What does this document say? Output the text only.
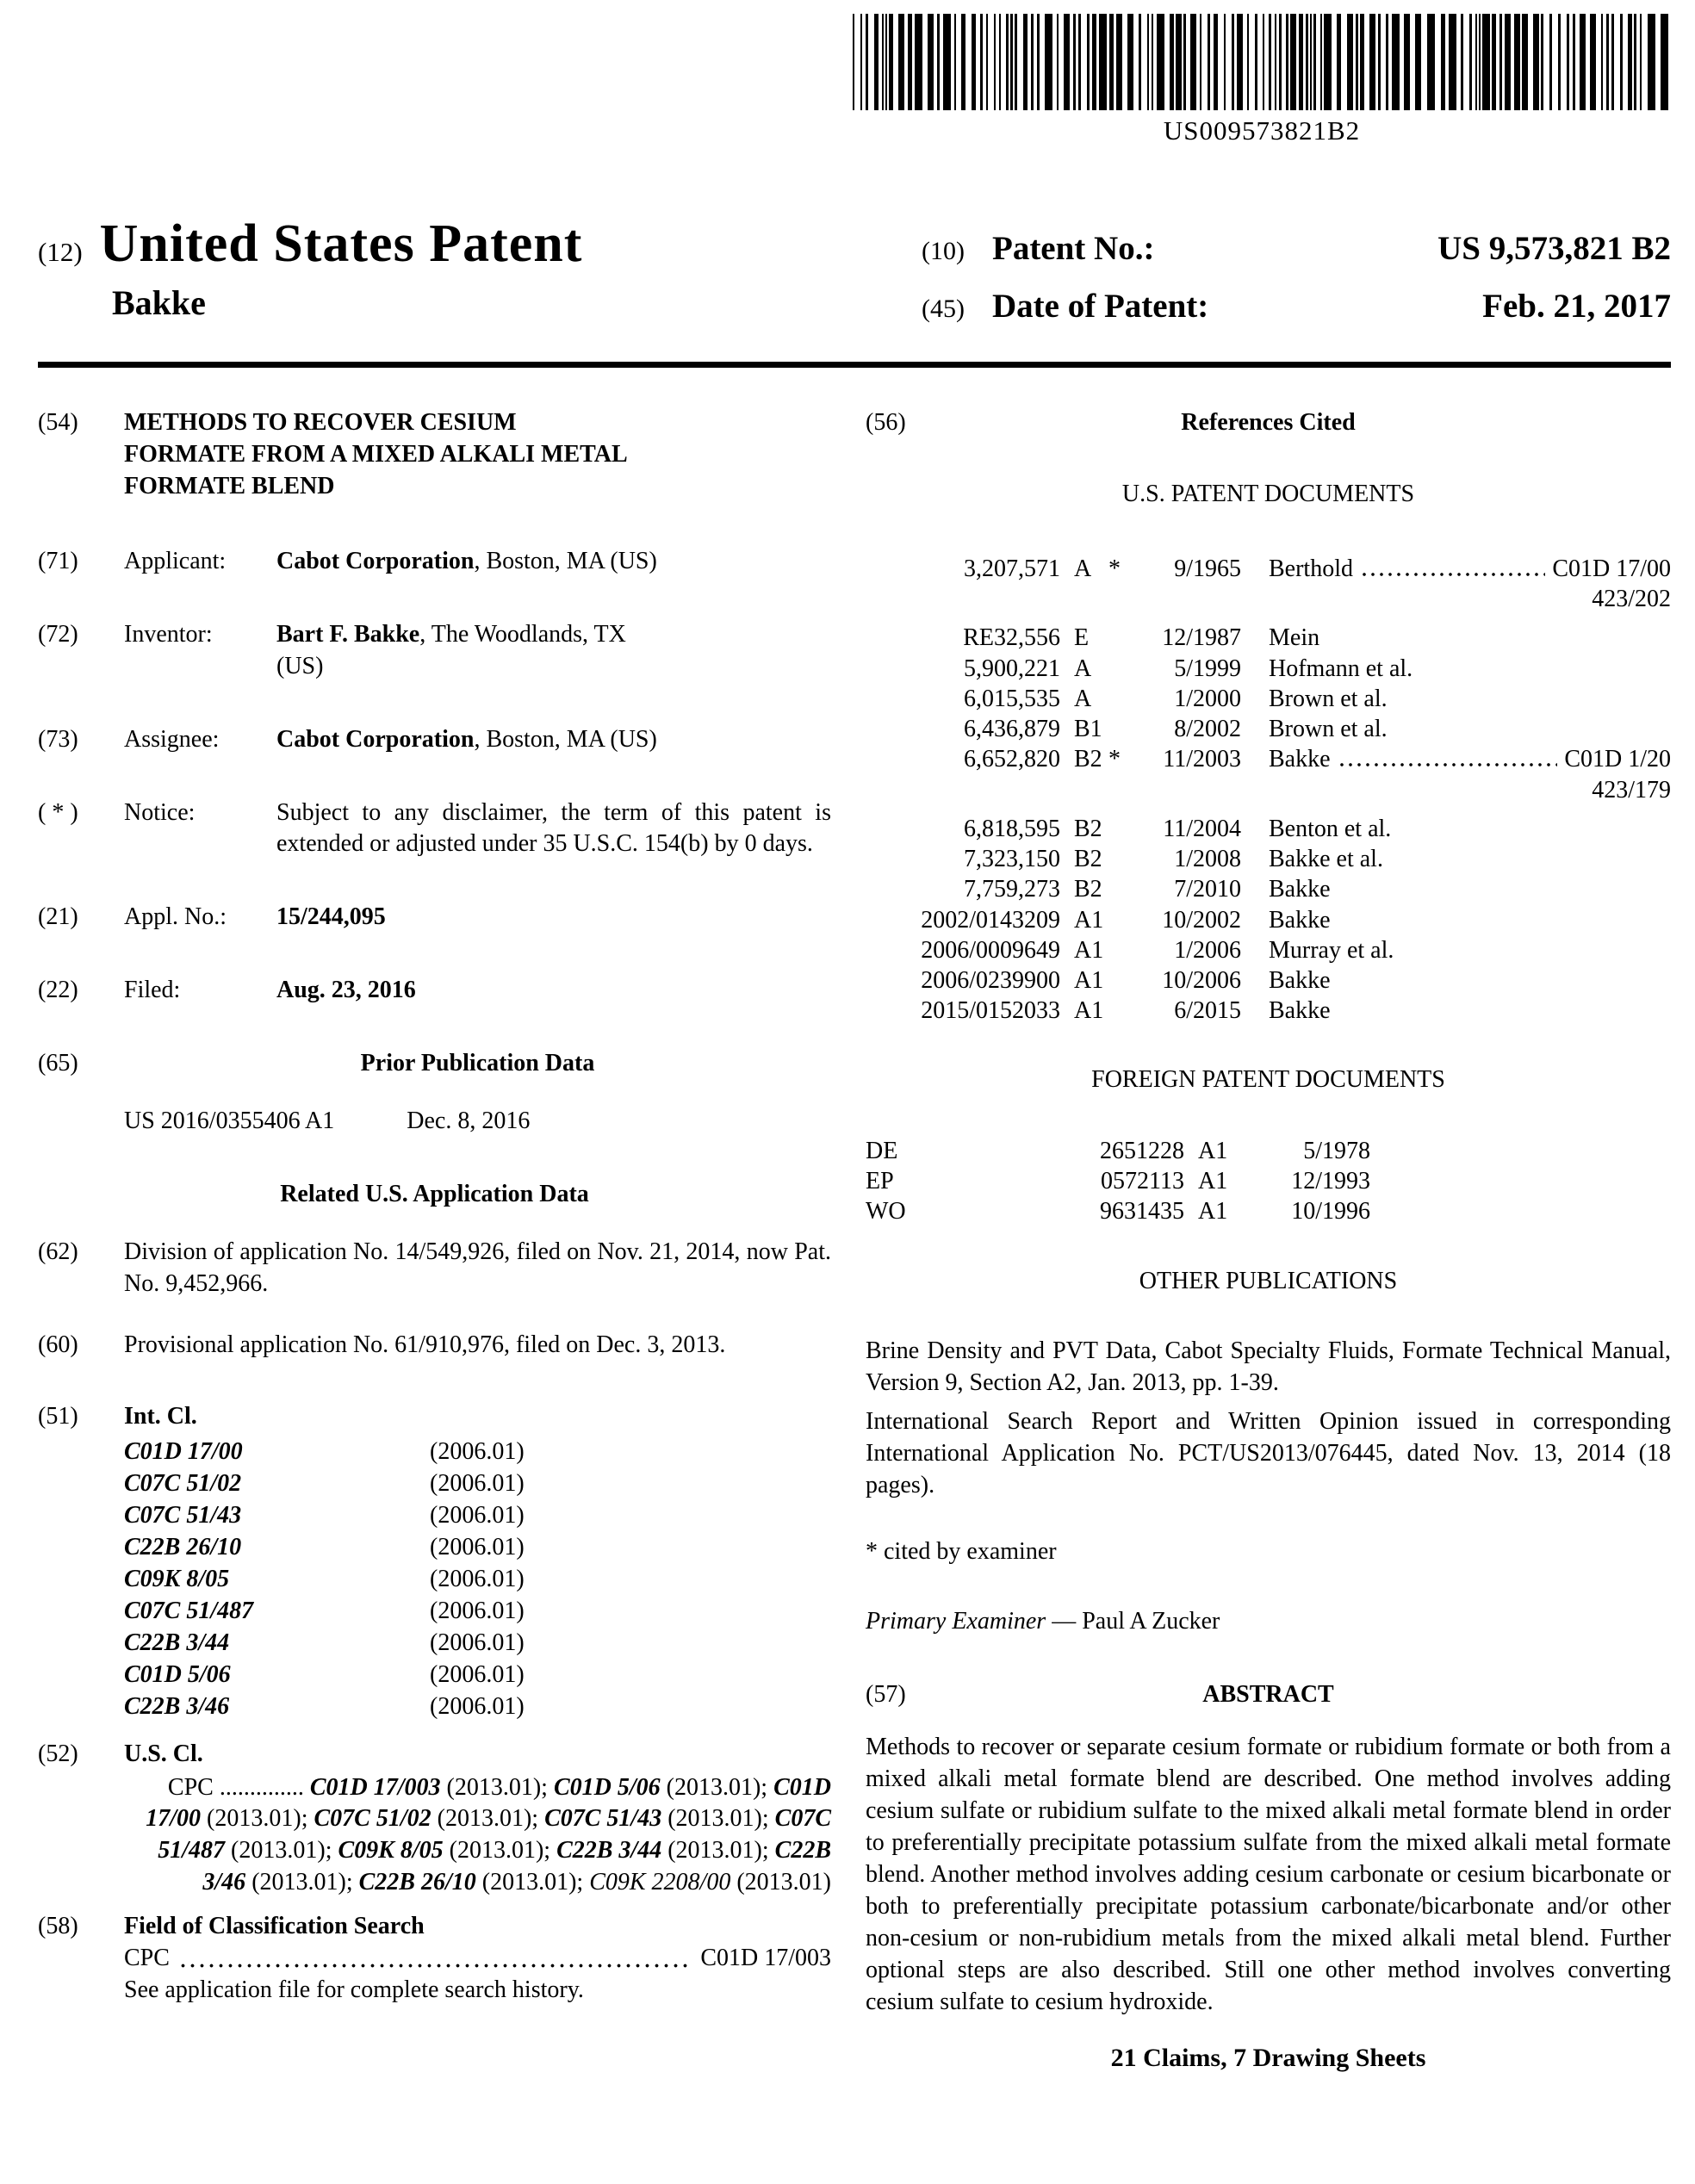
US009573821B2
(12) United States Patent
Bakke
(10) Patent No.:	US 9,573,821 B2
(45) Date of Patent:	Feb. 21, 2017
(54)	METHODS TO RECOVER CESIUM
FORMATE FROM A MIXED ALKALI METAL
FORMATE BLEND
(71)	Applicant:	Cabot Corporation, Boston, MA (US)
(72)	Inventor:	Bart F. Bakke, The Woodlands, TX
(US)
(73)	Assignee:	Cabot Corporation, Boston, MA (US)
( * )	Notice:	Subject to any disclaimer, the term of this patent is extended or adjusted under 35 U.S.C. 154(b) by 0 days.
(21)	Appl. No.:	15/244,095
(22)	Filed:	Aug. 23, 2016
(65)	Prior Publication Data
US 2016/0355406 A1	Dec. 8, 2016
Related U.S. Application Data
(62)	Division of application No. 14/549,926, filed on Nov. 21, 2014, now Pat. No. 9,452,966.
(60)	Provisional application No. 61/910,976, filed on Dec. 3, 2013.
(51)	Int. Cl.
C01D 17/00	(2006.01)
C07C 51/02	(2006.01)
C07C 51/43	(2006.01)
C22B 26/10	(2006.01)
C09K 8/05	(2006.01)
C07C 51/487	(2006.01)
C22B 3/44	(2006.01)
C01D 5/06	(2006.01)
C22B 3/46	(2006.01)
(52)	U.S. Cl.
CPC .............. C01D 17/003 (2013.01); C01D 5/06 (2013.01); C01D 17/00 (2013.01); C07C 51/02 (2013.01); C07C 51/43 (2013.01); C07C 51/487 (2013.01); C09K 8/05 (2013.01); C22B 3/44 (2013.01); C22B 3/46 (2013.01); C22B 26/10 (2013.01); C09K 2208/00 (2013.01)
(58)	Field of Classification Search
CPC	C01D 17/003
See application file for complete search history.
(56)	References Cited
U.S. PATENT DOCUMENTS
3,207,571 A *	9/1965 Berthold	C01D 17/00
423/202
RE32,556 E	12/1987 Mein
5,900,221 A	5/1999 Hofmann et al.
6,015,535 A	1/2000 Brown et al.
6,436,879 B1	8/2002 Brown et al.
6,652,820 B2 *	11/2003 Bakke	C01D 1/20
423/179
6,818,595 B2	11/2004 Benton et al.
7,323,150 B2	1/2008 Bakke et al.
7,759,273 B2	7/2010 Bakke
2002/0143209 A1	10/2002 Bakke
2006/0009649 A1	1/2006 Murray et al.
2006/0239900 A1	10/2006 Bakke
2015/0152033 A1	6/2015 Bakke
FOREIGN PATENT DOCUMENTS
DE	2651228 A1	5/1978
EP	0572113 A1	12/1993
WO	9631435 A1	10/1996
OTHER PUBLICATIONS

Brine Density and PVT Data, Cabot Specialty Fluids, Formate Technical Manual, Version 9, Section A2, Jan. 2013, pp. 1-39.

International Search Report and Written Opinion issued in corresponding International Application No. PCT/US2013/076445, dated Nov. 13, 2014 (18 pages).

* cited by examiner
Primary Examiner — Paul A Zucker
(57)	ABSTRACT
Methods to recover or separate cesium formate or rubidium formate or both from a mixed alkali metal formate blend are described. One method involves adding cesium sulfate or rubidium sulfate to the mixed alkali metal formate blend in order to preferentially precipitate potassium sulfate from the mixed alkali metal formate blend. Another method involves adding cesium carbonate or cesium bicarbonate or both to preferentially precipitate potassium carbonate/bicarbonate and/or other non-cesium or non-rubidium metals from the mixed alkali metal blend. Further optional steps are also described. Still one other method involves converting cesium sulfate to cesium hydroxide.
21 Claims, 7 Drawing Sheets
